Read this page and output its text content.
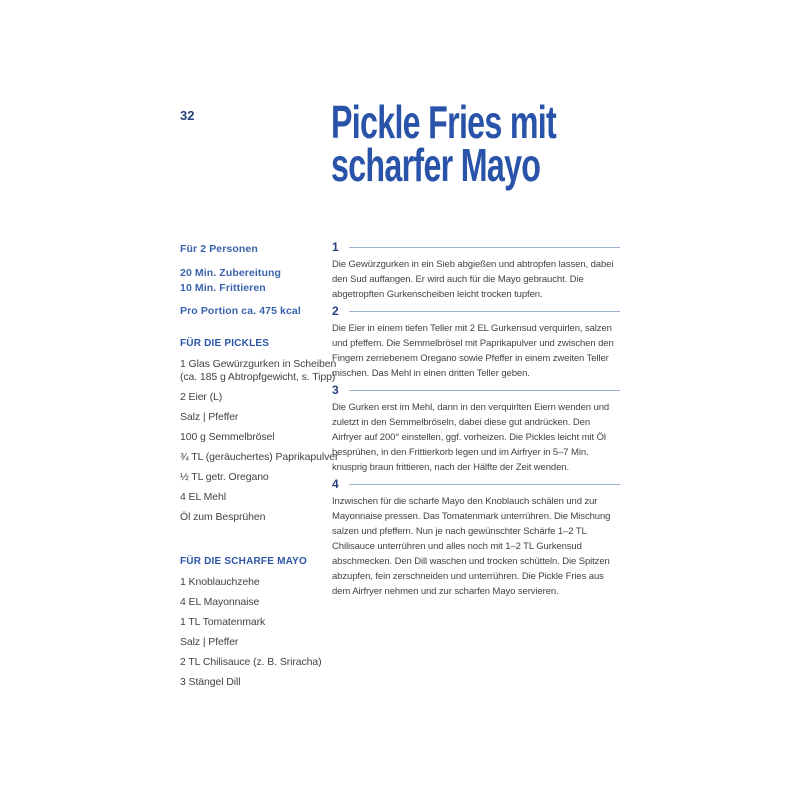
32	Pickle Fries mit
scharfer Mayo
Für 2 Personen
20 Min. Zubereitung
10 Min. Frittieren
Pro Portion ca. 475 kcal
FÜR DIE PICKLES
1 Glas Gewürzgurken in Scheiben (ca. 185 g Abtropfgewicht, s. Tipp)
2 Eier (L)
Salz | Pfeffer
100 g Semmelbrösel
¾ TL (geräuchertes) Paprikapulver
½ TL getr. Oregano
4 EL Mehl
Öl zum Besprühen
FÜR DIE SCHARFE MAYO
1 Knoblauchzehe
4 EL Mayonnaise
1 TL Tomatenmark
Salz | Pfeffer
2 TL Chilisauce (z. B. Sriracha)
3 Stängel Dill
1

Die Gewürzgurken in ein Sieb abgießen und abtropfen lassen, dabei den Sud auffangen. Er wird auch für die Mayo gebraucht. Die abgetropften Gurkenscheiben leicht trocken tupfen.

2

Die Eier in einem tiefen Teller mit 2 EL Gurkensud verquirlen, salzen und pfeffern. Die Semmelbrösel mit Paprikapulver und zwischen den Fingern zerriebenem Oregano sowie Pfeffer in einem zweiten Teller mischen. Das Mehl in einen dritten Teller geben.

3

Die Gurken erst im Mehl, dann in den verquirlten Eiern wenden und zuletzt in den Semmelbröseln, dabei diese gut andrücken. Den Airfryer auf 200° einstellen, ggf. vorheizen. Die Pickles leicht mit Öl besprühen, in den Frittierkorb legen und im Airfryer in 5–7 Min. knusprig braun frittieren, nach der Hälfte der Zeit wenden.

4

Inzwischen für die scharfe Mayo den Knoblauch schälen und zur Mayonnaise pressen. Das Tomatenmark unterrühren. Die Mischung salzen und pfeffern. Nun je nach gewünschter Schärfe 1–2 TL Chilisauce unterrühren und alles noch mit 1–2 TL Gurkensud abschmecken. Den Dill waschen und trocken schütteln. Die Spitzen abzupfen, fein zerschneiden und unterrühren. Die Pickle Fries aus dem Airfryer nehmen und zur scharfen Mayo servieren.
